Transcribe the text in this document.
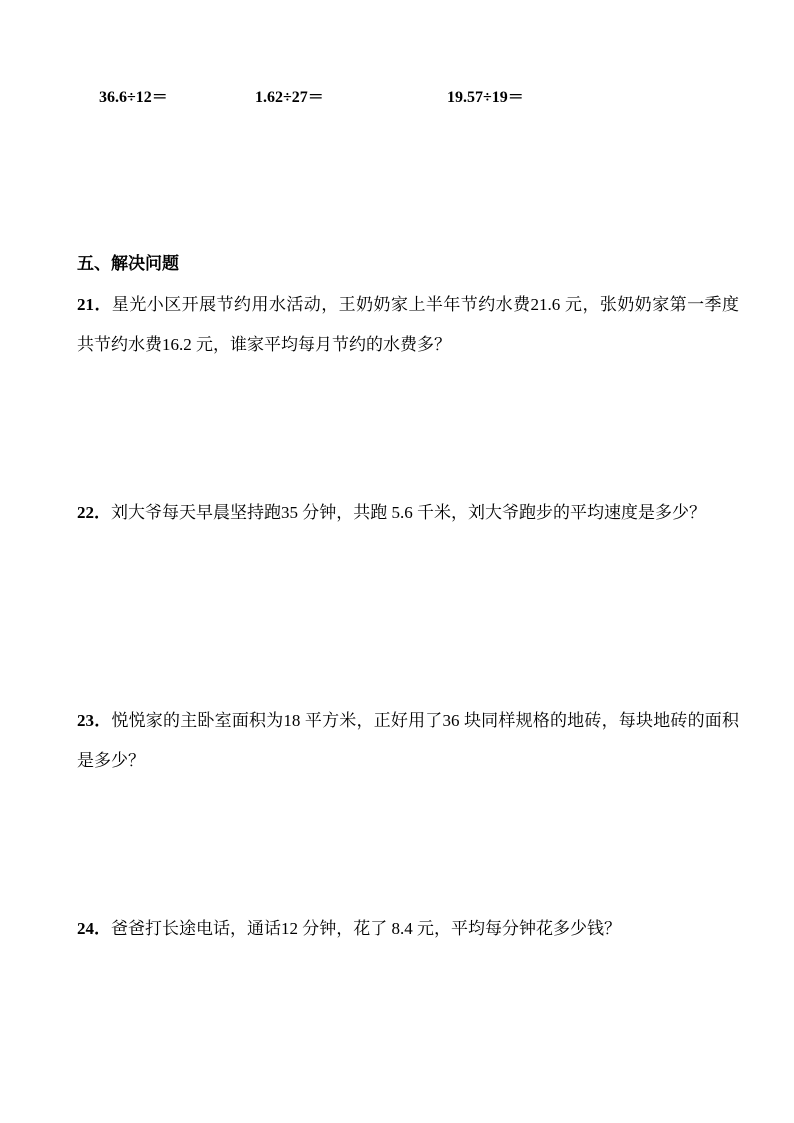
36.6÷12＝	1.62÷27＝	19.57÷19＝
五、解决问题
21．星光小区开展节约用水活动，王奶奶家上半年节约水费21.6 元，张奶奶家第一季度共节约水费16.2 元，谁家平均每月节约的水费多？
22．刘大爷每天早晨坚持跑35 分钟，共跑 5.6 千米，刘大爷跑步的平均速度是多少？
23．悦悦家的主卧室面积为18 平方米，正好用了36 块同样规格的地砖，每块地砖的面积是多少？
24．爸爸打长途电话，通话12 分钟，花了 8.4 元，平均每分钟花多少钱？
